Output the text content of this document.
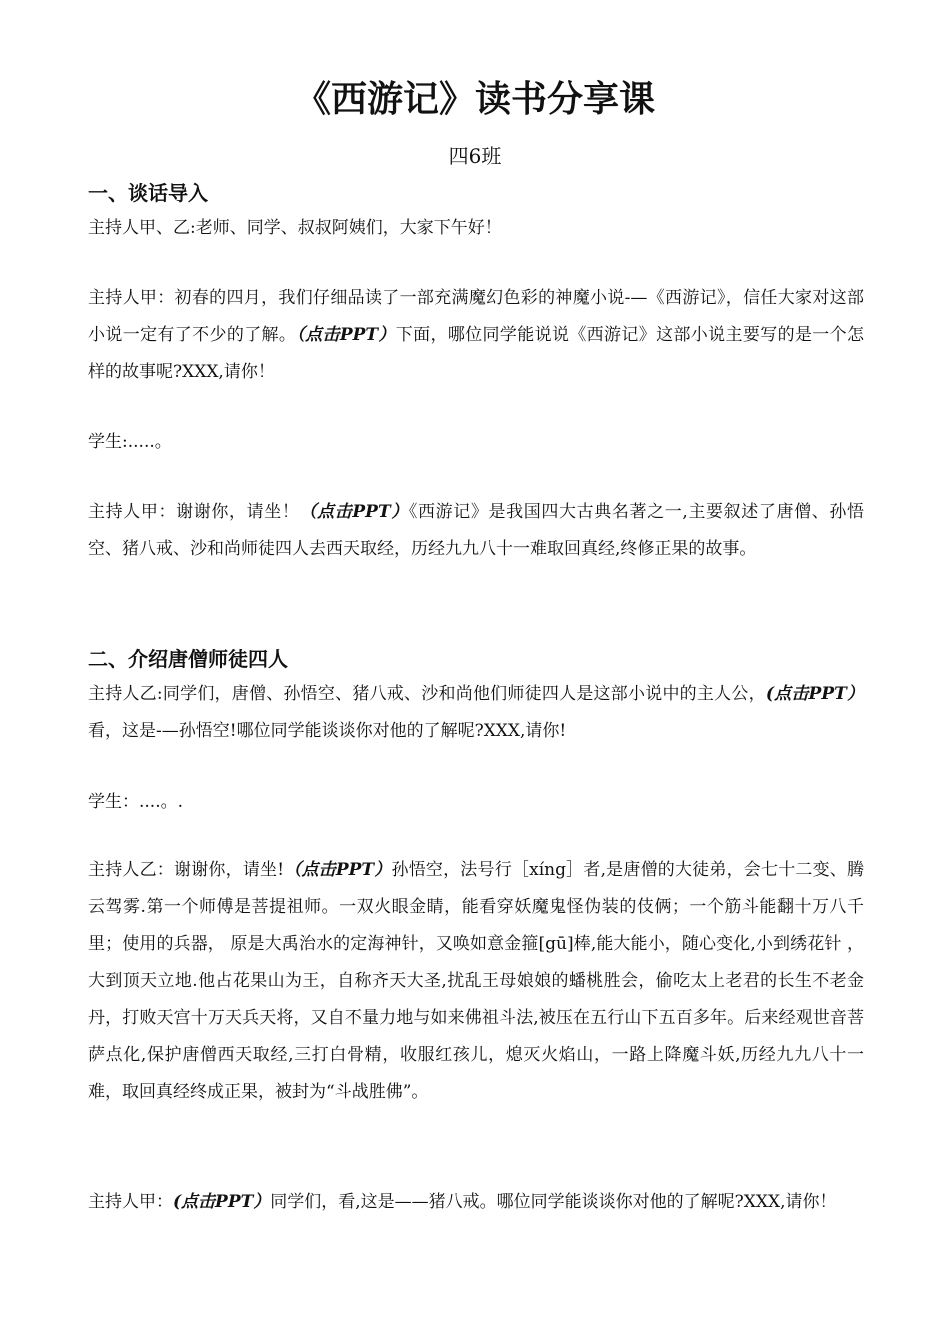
《西游记》读书分享课
四6班
一、谈话导入

主持人甲、乙:老师、同学、叔叔阿姨们，大家下午好！

主持人甲：初春的四月，我们仔细品读了一部充满魔幻色彩的神魔小说-—《西游记》，信任大家对这部小说一定有了不少的了解。（点击PPT）下面，哪位同学能说说《西游记》这部小说主要写的是一个怎样的故事呢?XXX,请你！

学生:.....。

主持人甲：谢谢你，请坐！（点击PPT）《西游记》是我国四大古典名著之一,主要叙述了唐僧、孙悟空、猪八戒、沙和尚师徒四人去西天取经，历经九九八十一难取回真经,终修正果的故事。

二、介绍唐僧师徒四人

主持人乙:同学们，唐僧、孙悟空、猪八戒、沙和尚他们师徒四人是这部小说中的主人公，(点击PPT）看，这是-—孙悟空!哪位同学能谈谈你对他的了解呢?XXX,请你!

学生：....。.

主持人乙：谢谢你，请坐!（点击PPT）孙悟空，法号行［xíng］者,是唐僧的大徒弟，会七十二变、腾云驾雾.第一个师傅是菩提祖师。一双火眼金睛，能看穿妖魔鬼怪伪装的伎俩；一个筋斗能翻十万八千里；使用的兵器， 原是大禹治水的定海神针，又唤如意金箍[gū]棒,能大能小，随心变化,小到绣花针 ，大到顶天立地.他占花果山为王，自称齐天大圣,扰乱王母娘娘的蟠桃胜会，偷吃太上老君的长生不老金丹，打败天宫十万天兵天将，又自不量力地与如来佛祖斗法,被压在五行山下五百多年。后来经观世音菩萨点化,保护唐僧西天取经,三打白骨精，收服红孩儿，熄灭火焰山，一路上降魔斗妖,历经九九八十一难，取回真经终成正果，被封为“斗战胜佛”。

主持人甲：(点击PPT）同学们，看,这是——猪八戒。哪位同学能谈谈你对他的了解呢?XXX,请你！
